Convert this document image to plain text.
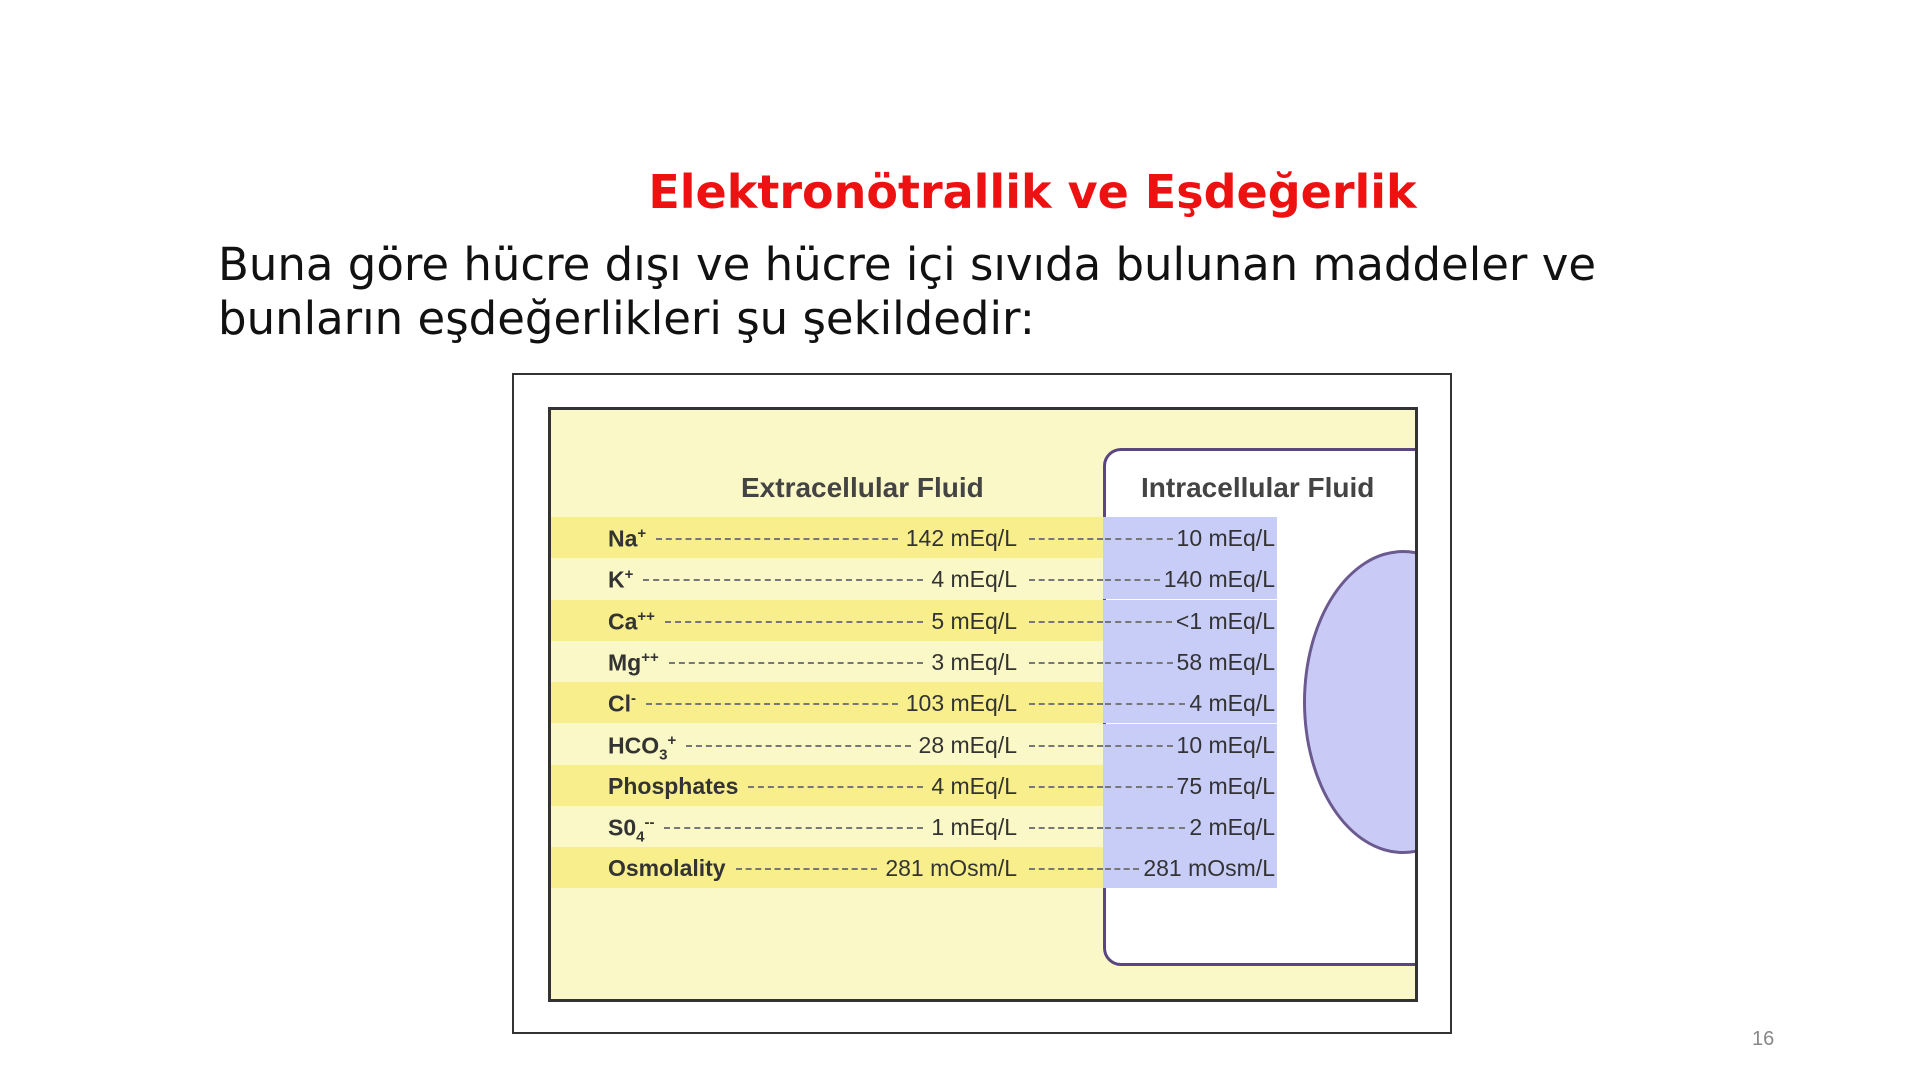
Elektronötrallik ve Eşdeğerlik

Buna göre hücre dışı ve hücre içi sıvıda bulunan maddeler ve bunların eşdeğerlikleri şu şekildedir:

Extracellular Fluid	Intracellular Fluid
Na+	142 mEq/L	10 mEq/L
K+	4 mEq/L	140 mEq/L
Ca++	5 mEq/L	<1 mEq/L
Mg++	3 mEq/L	58 mEq/L
Cl-	103 mEq/L	4 mEq/L
$HCO_3^+$	28 mEq/L	10 mEq/L
Phosphates	4 mEq/L	75 mEq/L
$S0_4^{--}$	1 mEq/L	2 mEq/L
Osmolality	281 mOsm/L	281 mOsm/L
16
